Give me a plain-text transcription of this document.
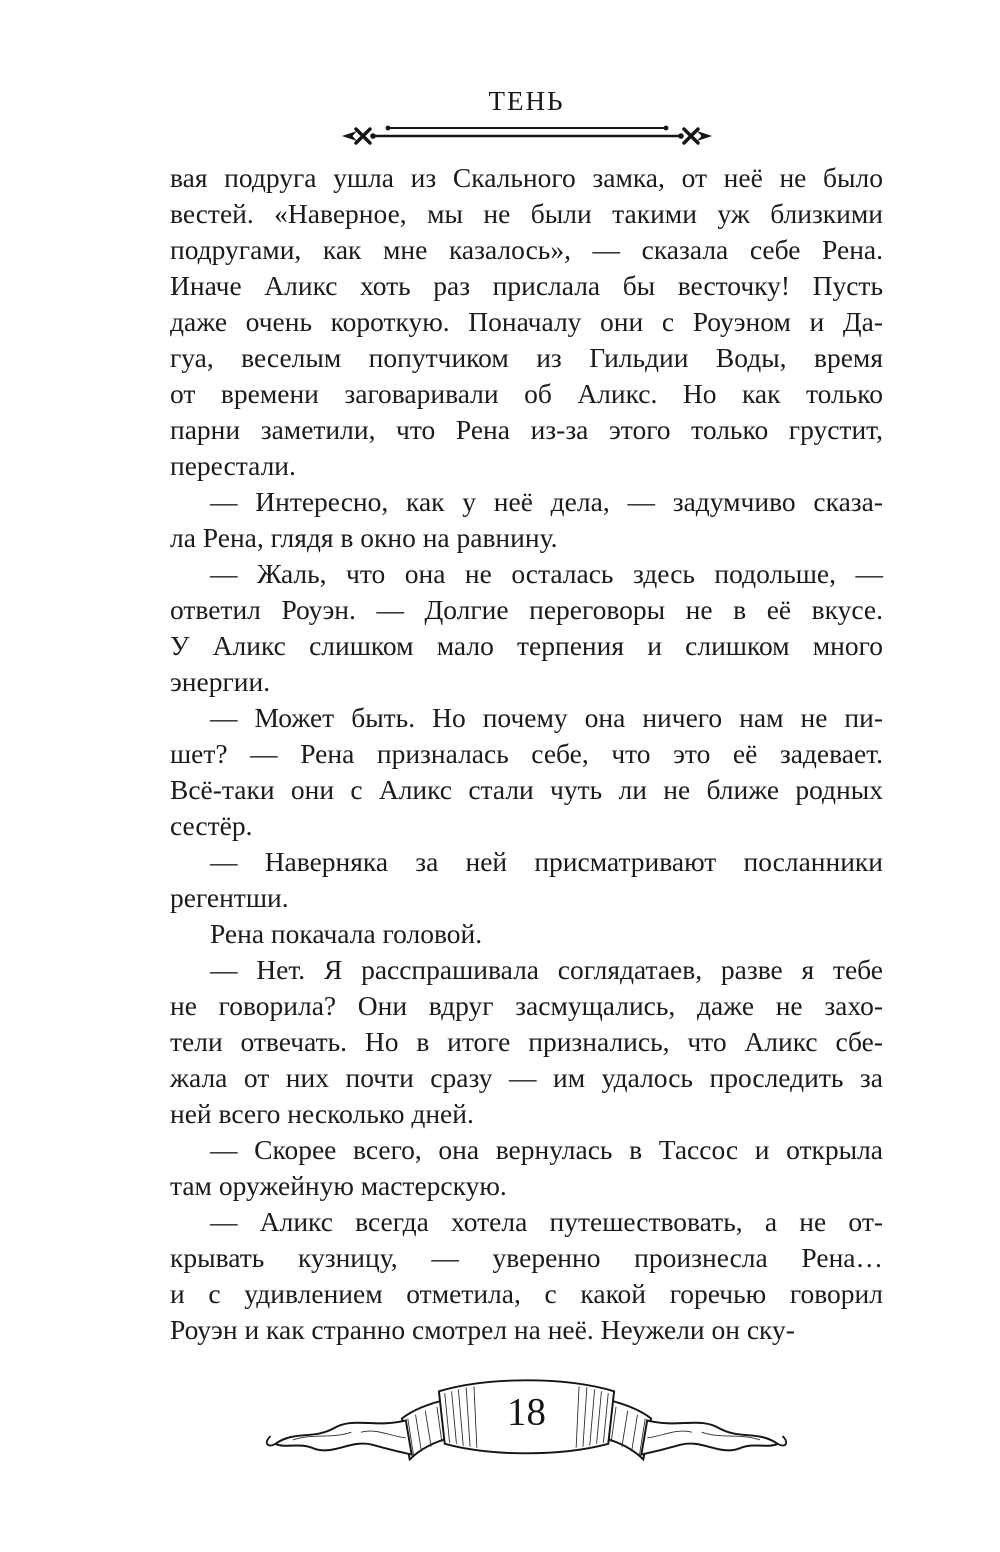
ТЕНЬ
вая подруга ушла из Скального замка, от неё не было
вестей. «Наверное, мы не были такими уж близкими
подругами, как мне казалось», — сказала себе Рена.
Иначе Аликс хоть раз прислала бы весточку! Пусть
даже очень короткую. Поначалу они с Роуэном и Да-
гуа, веселым попутчиком из Гильдии Воды, время
от времени заговаривали об Аликс. Но как только
парни заметили, что Рена из-за этого только грустит,
перестали.
— Интересно, как у неё дела, — задумчиво сказа-
ла Рена, глядя в окно на равнину.
— Жаль, что она не осталась здесь подольше, —
ответил Роуэн. — Долгие переговоры не в её вкусе.
У Аликс слишком мало терпения и слишком много
энергии.
— Может быть. Но почему она ничего нам не пи-
шет? — Рена призналась себе, что это её задевает.
Всё-таки они с Аликс стали чуть ли не ближе родных
сестёр.
— Наверняка за ней присматривают посланники
регентши.
Рена покачала головой.
— Нет. Я расспрашивала соглядатаев, разве я тебе
не говорила? Они вдруг засмущались, даже не захо-
тели отвечать. Но в итоге признались, что Аликс сбе-
жала от них почти сразу — им удалось проследить за
ней всего несколько дней.
— Скорее всего, она вернулась в Тассос и открыла
там оружейную мастерскую.
— Аликс всегда хотела путешествовать, а не от-
крывать кузницу, — уверенно произнесла Рена…
и с удивлением отметила, с какой горечью говорил
Роуэн и как странно смотрел на неё. Неужели он ску-
18
